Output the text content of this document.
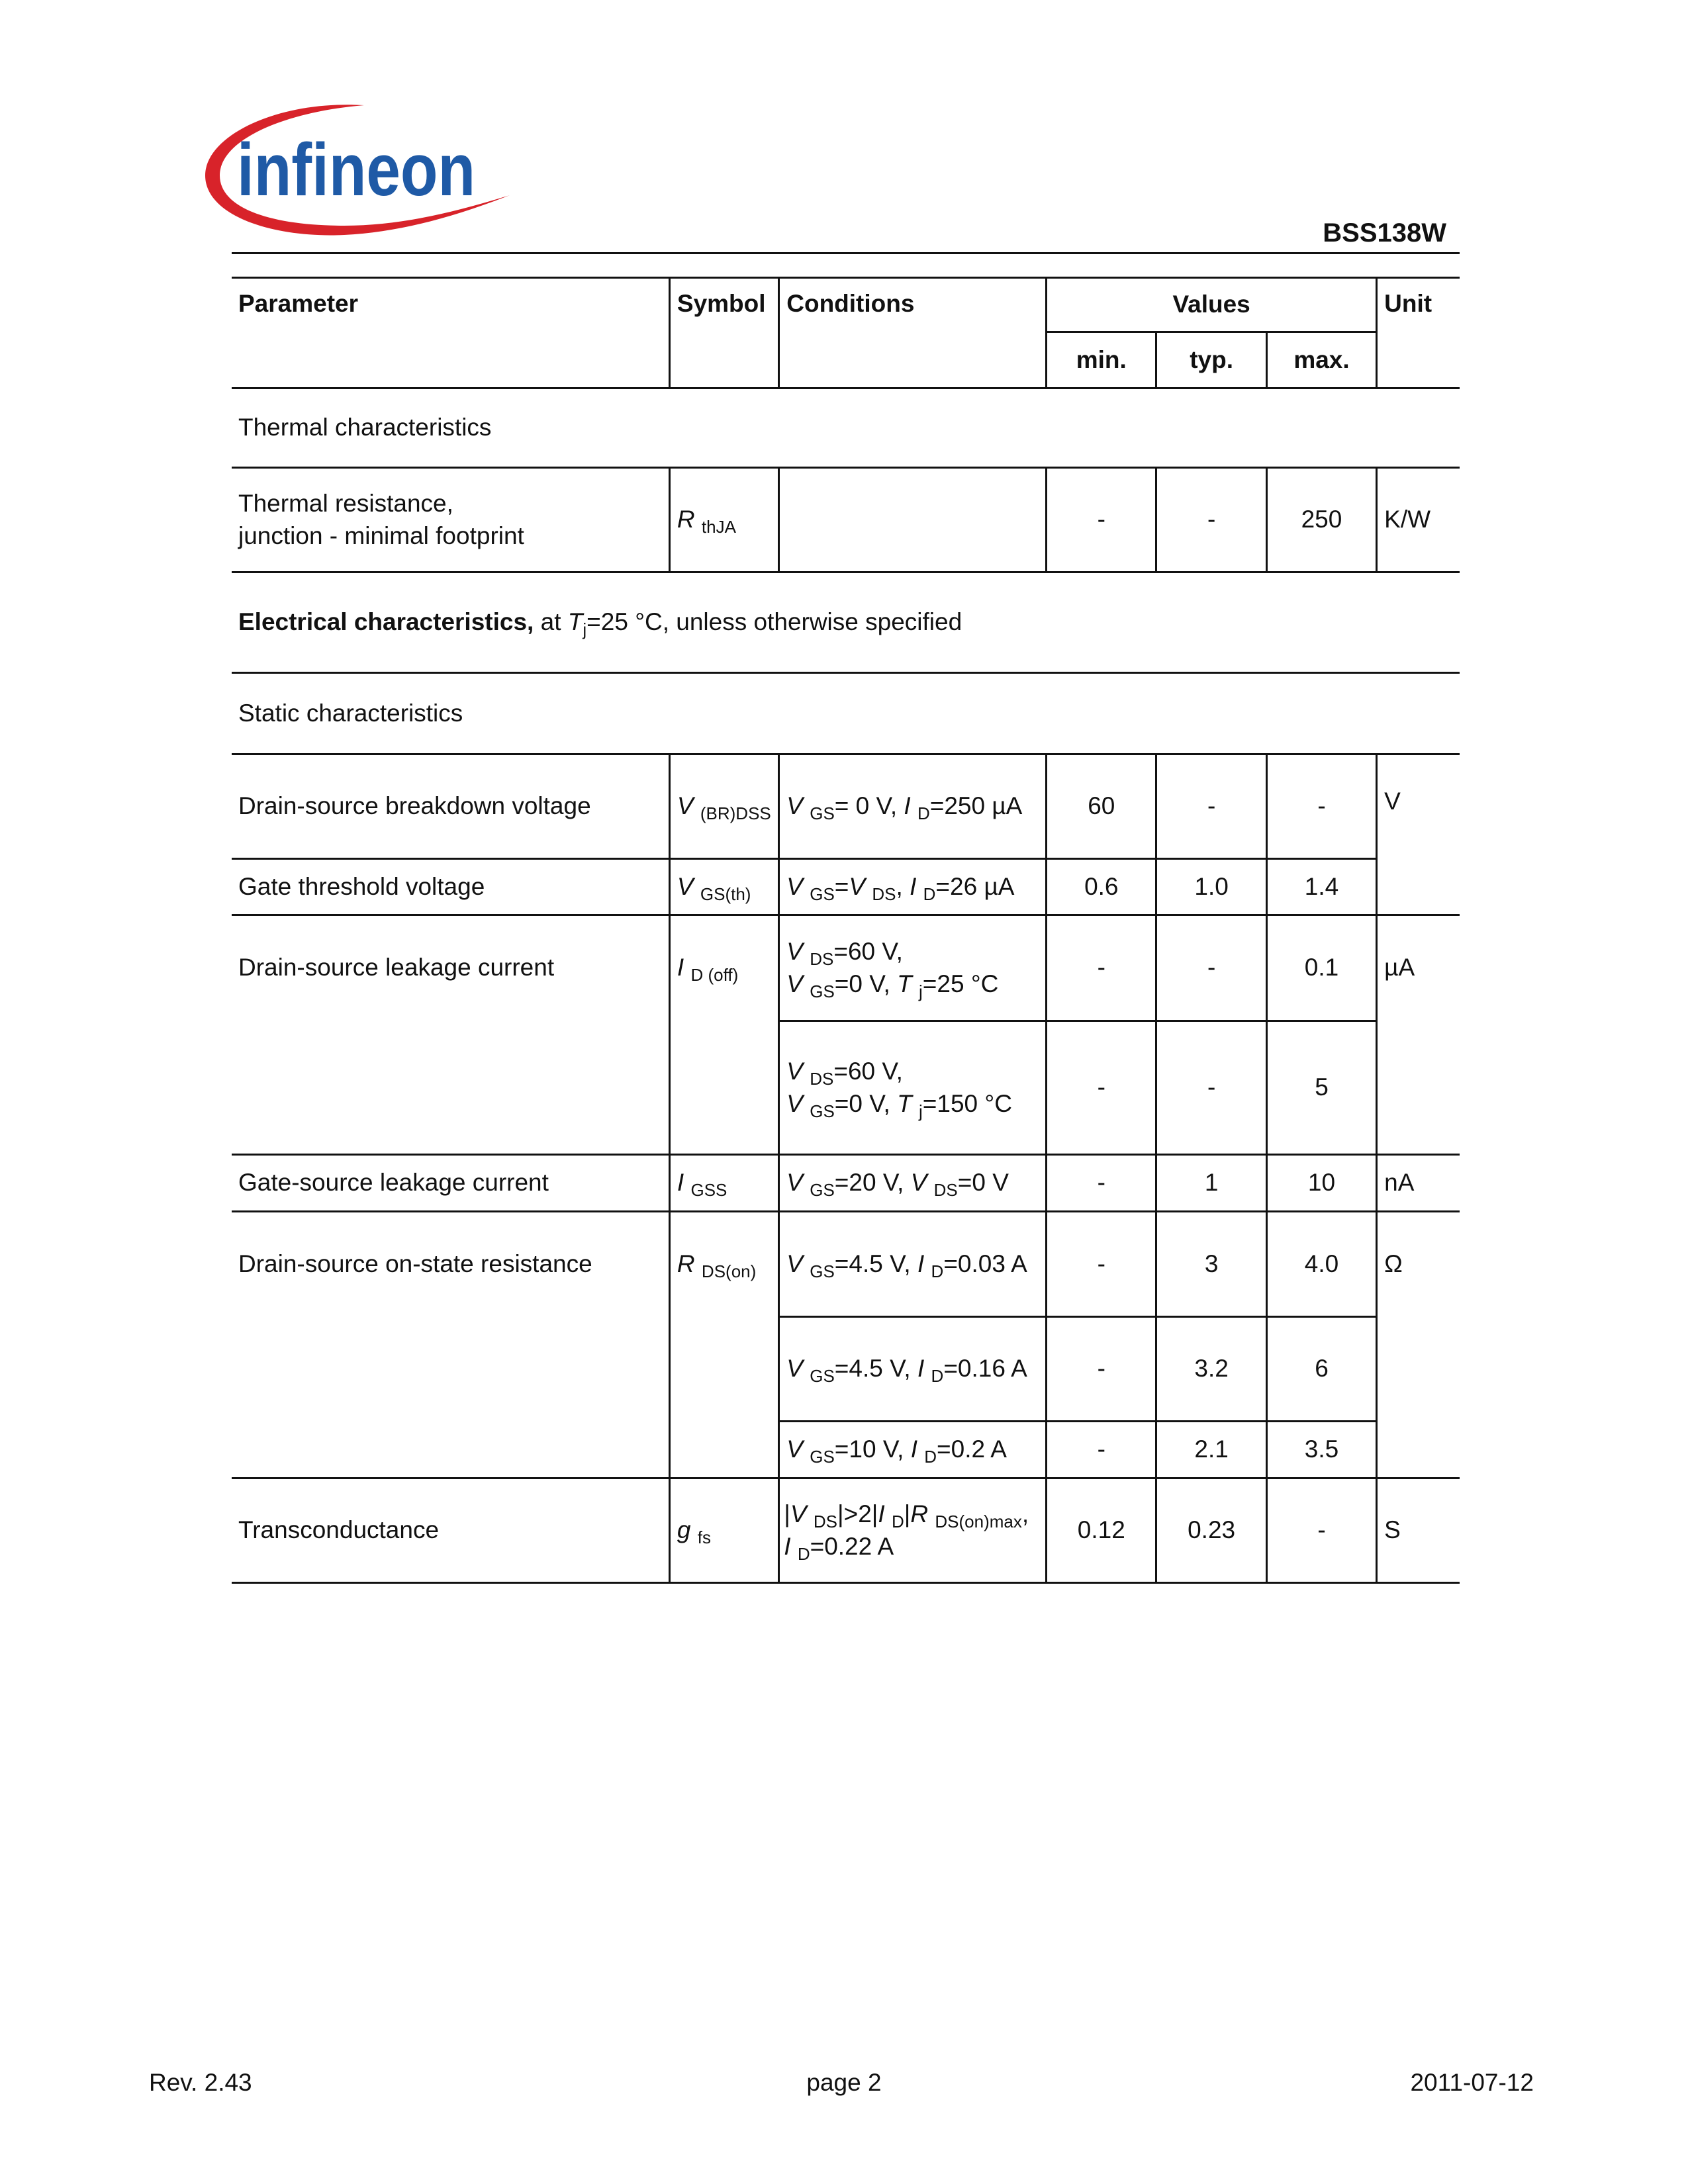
infineon
BSS138W
Parameter	Symbol	Conditions	Values			Unit
			min.	typ.	max.	
Thermal characteristics						
Thermal resistance,
junction - minimal footprint	R $_{thJA}$		-	-	250	K/W
Electrical characteristics, at $T_j=25$ °C, unless otherwise specified						
Static characteristics						
Drain-source breakdown voltage	V $_{(BR)DSS}$	V $_{GS}$= 0 V, I $_D$=250 µA	60	-	-	V
Gate threshold voltage	V $_{GS(th)}$	V $_{GS}$=V $_{DS}$, I $_D$=26 µA	0.6	1.0	1.4	
Drain-source leakage current	I $_{D (off)}$	V $_{DS}$=60 V,
V $_{GS}$=0 V, T $_j$=25 °C	-	-	0.1	µA
		V $_{DS}$=60 V,
V $_{GS}$=0 V, T $_j$=150 °C	-	-	5	
Gate-source leakage current	I $_{GSS}$	V $_{GS}$=20 V, V $_{DS}$=0 V	-	1	10	nA
Drain-source on-state resistance	R $_{DS(on)}$	V $_{GS}$=4.5 V, I $_D$=0.03 A	-	3	4.0	Ω
		V $_{GS}$=4.5 V, I $_D$=0.16 A	-	3.2	6	
		V $_{GS}$=10 V, I $_D$=0.2 A	-	2.1	3.5	
Transconductance	g $_{fs}$	|V $_{DS}$|>2|I $_D$|R $_{DS(on)max}$,
I $_D$=0.22 A	0.12	0.23	-	S
Rev. 2.43	page 2	2011-07-12
